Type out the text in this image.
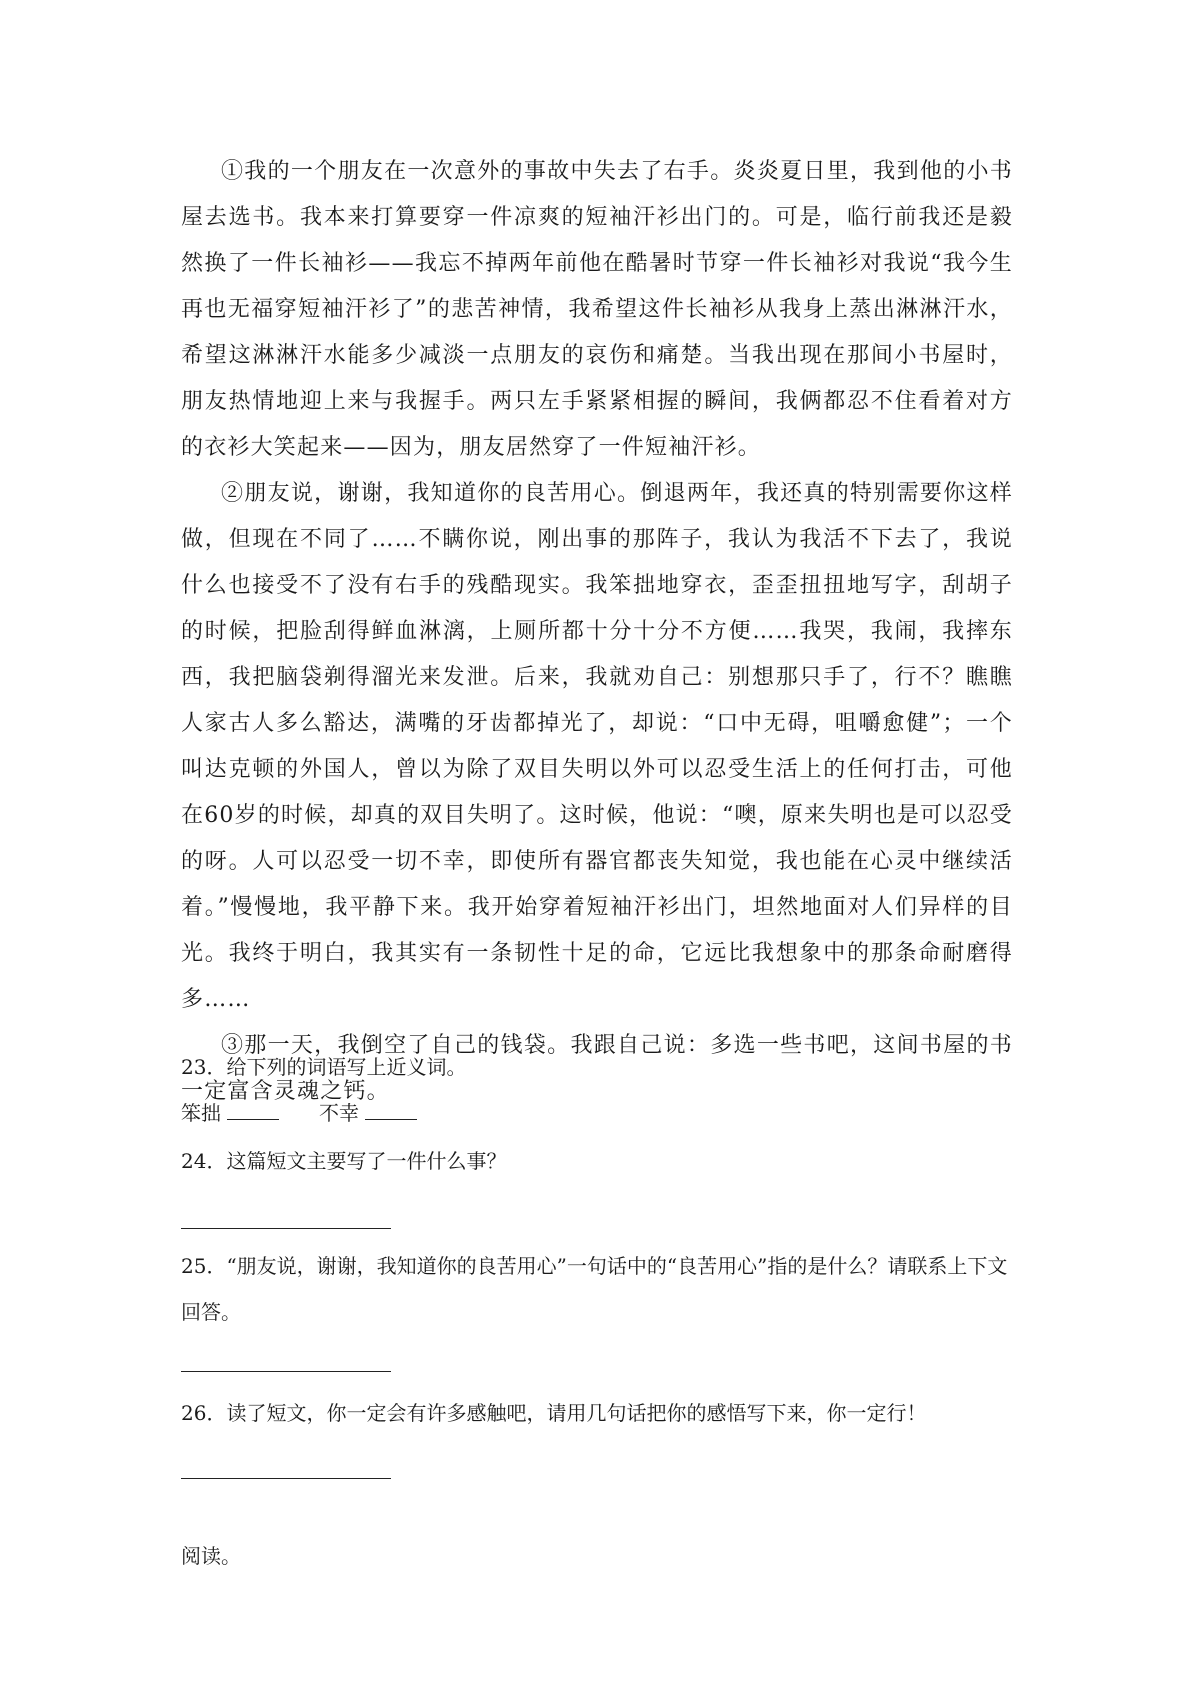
①我的一个朋友在一次意外的事故中失去了右手。炎炎夏日里，我到他的小书屋去选书。我本来打算要穿一件凉爽的短袖汗衫出门的。可是，临行前我还是毅然换了一件长袖衫——我忘不掉两年前他在酷暑时节穿一件长袖衫对我说“我今生再也无福穿短袖汗衫了”的悲苦神情，我希望这件长袖衫从我身上蒸出淋淋汗水，希望这淋淋汗水能多少减淡一点朋友的哀伤和痛楚。当我出现在那间小书屋时，朋友热情地迎上来与我握手。两只左手紧紧相握的瞬间，我俩都忍不住看着对方的衣衫大笑起来——因为，朋友居然穿了一件短袖汗衫。

②朋友说，谢谢，我知道你的良苦用心。倒退两年，我还真的特别需要你这样做，但现在不同了……不瞒你说，刚出事的那阵子，我认为我活不下去了，我说什么也接受不了没有右手的残酷现实。我笨拙地穿衣，歪歪扭扭地写字，刮胡子的时候，把脸刮得鲜血淋漓，上厕所都十分十分不方便……我哭，我闹，我摔东西，我把脑袋剃得溜光来发泄。后来，我就劝自己：别想那只手了，行不？瞧瞧人家古人多么豁达，满嘴的牙齿都掉光了，却说：“口中无碍，咀嚼愈健”；一个叫达克顿的外国人，曾以为除了双目失明以外可以忍受生活上的任何打击，可他在60岁的时候，却真的双目失明了。这时候，他说：“噢，原来失明也是可以忍受的呀。人可以忍受一切不幸，即使所有器官都丧失知觉，我也能在心灵中继续活着。”慢慢地，我平静下来。我开始穿着短袖汗衫出门，坦然地面对人们异样的目光。我终于明白，我其实有一条韧性十足的命，它远比我想象中的那条命耐磨得多……

③那一天，我倒空了自己的钱袋。我跟自己说：多选一些书吧，这间书屋的书一定富含灵魂之钙。

23．给下列的词语写上近义词。

笨拙	不幸

24．这篇短文主要写了一件什么事？

25．“朋友说，谢谢，我知道你的良苦用心”一句话中的“良苦用心”指的是什么？请联系上下文回答。

26．读了短文，你一定会有许多感触吧，请用几句话把你的感悟写下来，你一定行！

阅读。
